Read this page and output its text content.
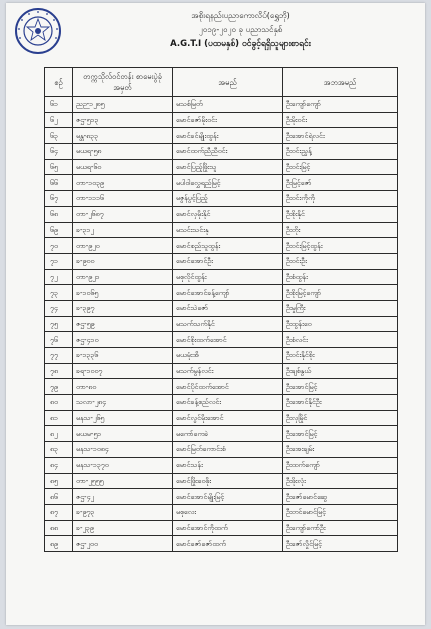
အစိုးရနည်းပညာကောလိပ်(ရွှေဘို)
၂၀၁၉-၂၀၂၀ ခု ပညာသင်နှစ်
A.G.T.I (ပထမနှစ်) ဝင်ခွင့်ရရှိသူများစာရင်း
စဉ်	တက္ကသိုလ်ဝင်တန်း စာမေးပွဲခုံအမှတ်	အမည်	အဘအမည်
၆၁	ညဉ-၁၂၈၅	မသစ်မြတ်	ဦးကျော်ကျော်
၆၂	ဇဌ-၅၁၃	မောင်ဇော်မိုးဝင်း	ဦးမိုးဝင်း
၆၃	မန္တ-၈၃၃	မောင်ခင်မျိုးထွန်း	ဦးအောင်ရဲလင်း
၆၄	မယရ-၅၈	မောင်ထက်ညီညီဝင်း	ဦးဝင်းညွှန့်
၆၅	မယရ-၆၀	မောင်ပြည့်ဖြိုးသူ	ဦးဝင်းမြင့်
၆၆	တာ-၁၀၃၉	မပါဝါလွှေရည်မြင့်	ဦးမြင့်ဇော်
၆၇	တာ-၁၁၁၆	မဇွန်ပွင့်ပြည့်	ဦးဝင်းကိုကို
၆၈	တာ-၂၆၈၇	မောင်လှမိုးနိုင်	ဦးစိုးနိုင်
၆၉	ခ-၃၁၂	မသင်းသင်းနု	ဦးတိုး
၇၀	တာ-၉၂၀	မောင်စည်သူထွန်း	ဦးဝင်းမြင့်ထွန်း
၇၁	ခ-၉၀၀	မောင်အောင်ဦး	ဦးဝင်းဦး
၇၂	တာ-၉၂၁	မစုလိုင်ထွန်း	ဦးစံထွန်း
၇၃	ခ-၁၀၆၅	မောင်အောင်ခန့်ကျော်	ဦးစိုးမြင့်ကျော်
၇၄	ခ-၃၉၇	မောင်သဲဇော်	ဦးမှုကြီး
၇၅	ဇဌ-၅၉	မသက်သက်နိုင်	ဦးထွန်းဝေ
၇၆	ဇဌ-၄၁၀	မောင်စိုးထက်အောင်	ဦးစံလင်း
၇၇	ခ-၁၃၃၆	မယမုံးအိ	ဦးဝင်းနိုင်စိုး
၇၈	ခရ-၁၀၀၇	မသက်မွန်လင်း	ဦးချစ်နွယ်
၇၉	တာ-၈၀	မောင်ပိုင်ထက်အောင်	ဦးအောင်မြင့်
၈၀	သလာ-၂၈၄	မောင်ခန့်စည်လင်း	ဦးအောင်နိုင်ဦး
၈၁	မနသ-၂၆၅	မောင်လွင်မိုးအောင်	ဦးလှမြိုင်
၈၂	မယမ-၅၁	မကော်ကေခဲ	ဦးအောင်မြင့်
၈၃	မနသ-၁၀၈၄	မောင်မြတ်ကောင်းစံ	ဦးအေးချမ်း
၈၄	မနသ-၁၃၇၀	မောင်သန်း	ဦးထက်ကျော်
၈၅	တာ-၂၅၅၅	မောင်ဖြိုးဝေဖိုး	ဦးဖိုးလုံး
၈၆	ဇဌ-၄၂	မောင်အောင်မျိုးမြင့်	ဦးဇော်မောင်ဆွေ
၈၇	ခ-၉၇၃	မစုလေး	ဦးတင်မောင်မြင့်
၈၈	ခ-၂၃၉	မောင်အောင်ကိုထက်	ဦးကျော်ကော်ဦး
၈၉	ဇဌ-၂၀၀	မောင်ဇော်ဇော်ထက်	ဦးဇော်လှိုင်မြင့်
